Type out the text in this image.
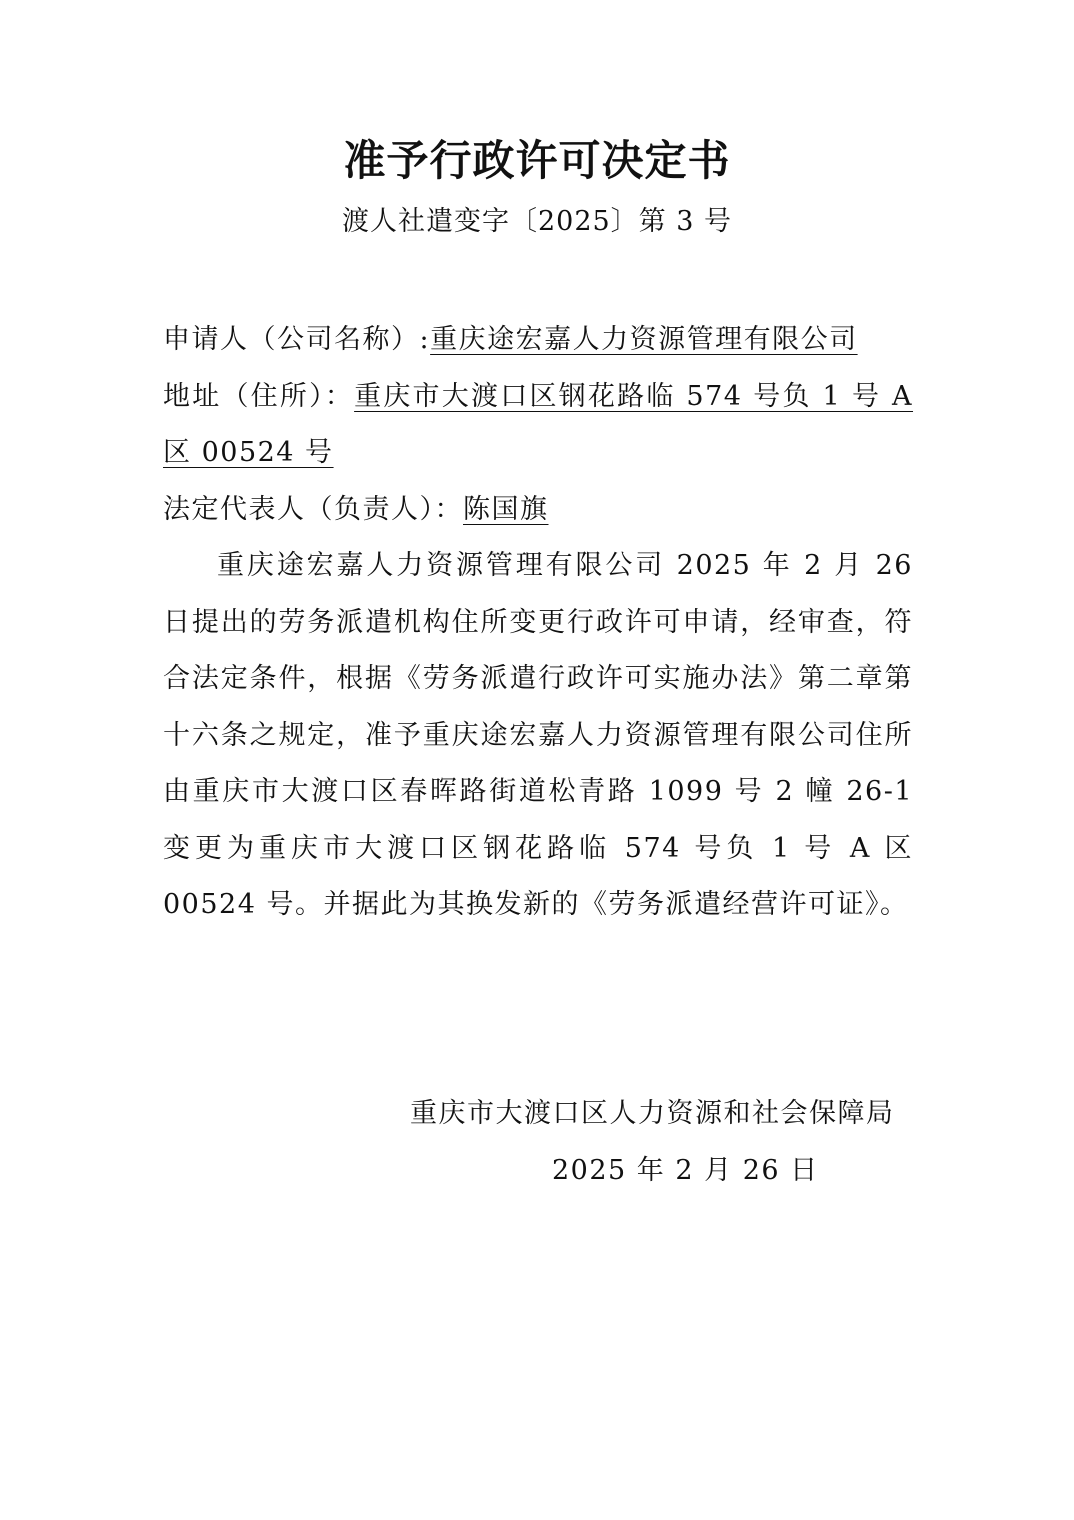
准予行政许可决定书
渡人社遣变字〔2025〕第 3 号
申请人（公司名称）:重庆途宏嘉人力资源管理有限公司
地址（住所）：重庆市大渡口区钢花路临 574 号负 1 号 A 区 00524 号
法定代表人（负责人）：陈国旗
重庆途宏嘉人力资源管理有限公司 2025 年 2 月 26 日提出的劳务派遣机构住所变更行政许可申请，经审查，符合法定条件，根据《劳务派遣行政许可实施办法》第二章第十六条之规定，准予重庆途宏嘉人力资源管理有限公司住所由重庆市大渡口区春晖路街道松青路 1099 号 2 幢 26-1 变更为重庆市大渡口区钢花路临 574 号负 1 号 A 区 00524 号。并据此为其换发新的《劳务派遣经营许可证》。
重庆市大渡口区人力资源和社会保障局
2025 年 2 月 26 日
